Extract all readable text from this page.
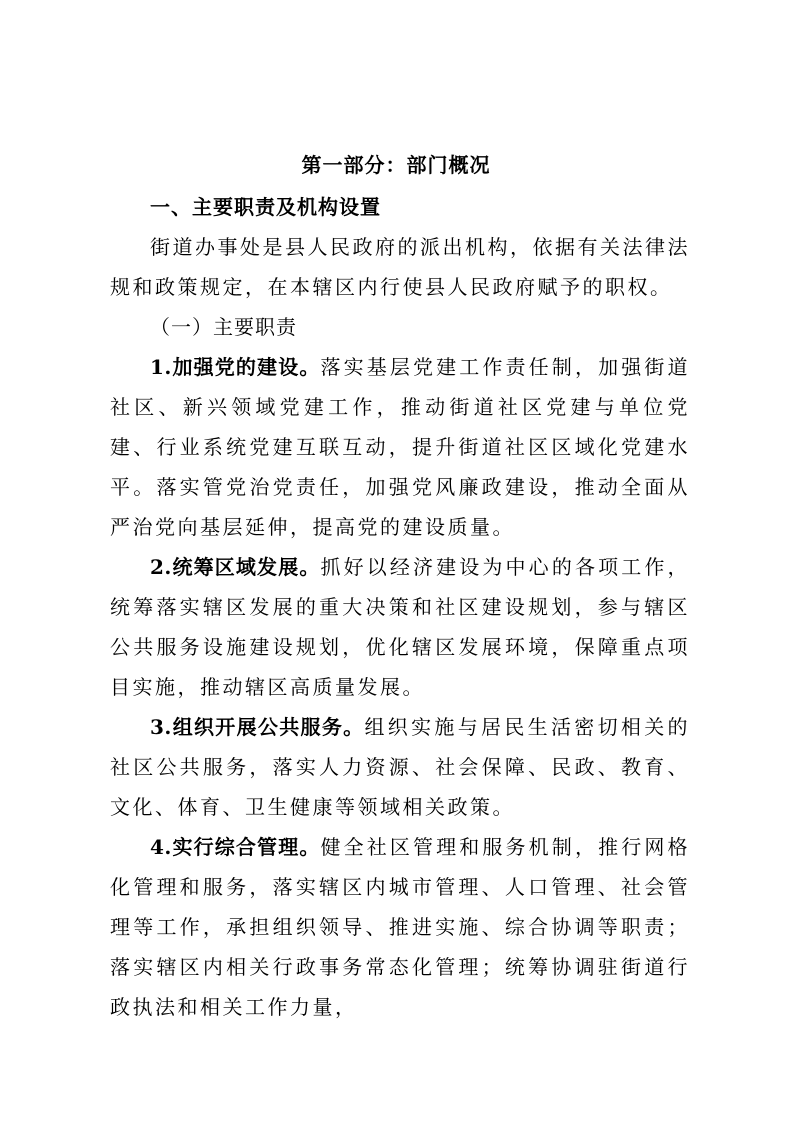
第一部分：部门概况
一、主要职责及机构设置

街道办事处是县人民政府的派出机构，依据有关法律法规和政策规定，在本辖区内行使县人民政府赋予的职权。

（一）主要职责

1.加强党的建设。落实基层党建工作责任制，加强街道社区、新兴领域党建工作，推动街道社区党建与单位党建、行业系统党建互联互动，提升街道社区区域化党建水平。落实管党治党责任，加强党风廉政建设，推动全面从严治党向基层延伸，提高党的建设质量。

2.统筹区域发展。抓好以经济建设为中心的各项工作，统筹落实辖区发展的重大决策和社区建设规划，参与辖区公共服务设施建设规划，优化辖区发展环境，保障重点项目实施，推动辖区高质量发展。

3.组织开展公共服务。组织实施与居民生活密切相关的社区公共服务，落实人力资源、社会保障、民政、教育、文化、体育、卫生健康等领域相关政策。

4.实行综合管理。健全社区管理和服务机制，推行网格化管理和服务，落实辖区内城市管理、人口管理、社会管理等工作，承担组织领导、推进实施、综合协调等职责；落实辖区内相关行政事务常态化管理；统筹协调驻街道行政执法和相关工作力量，
